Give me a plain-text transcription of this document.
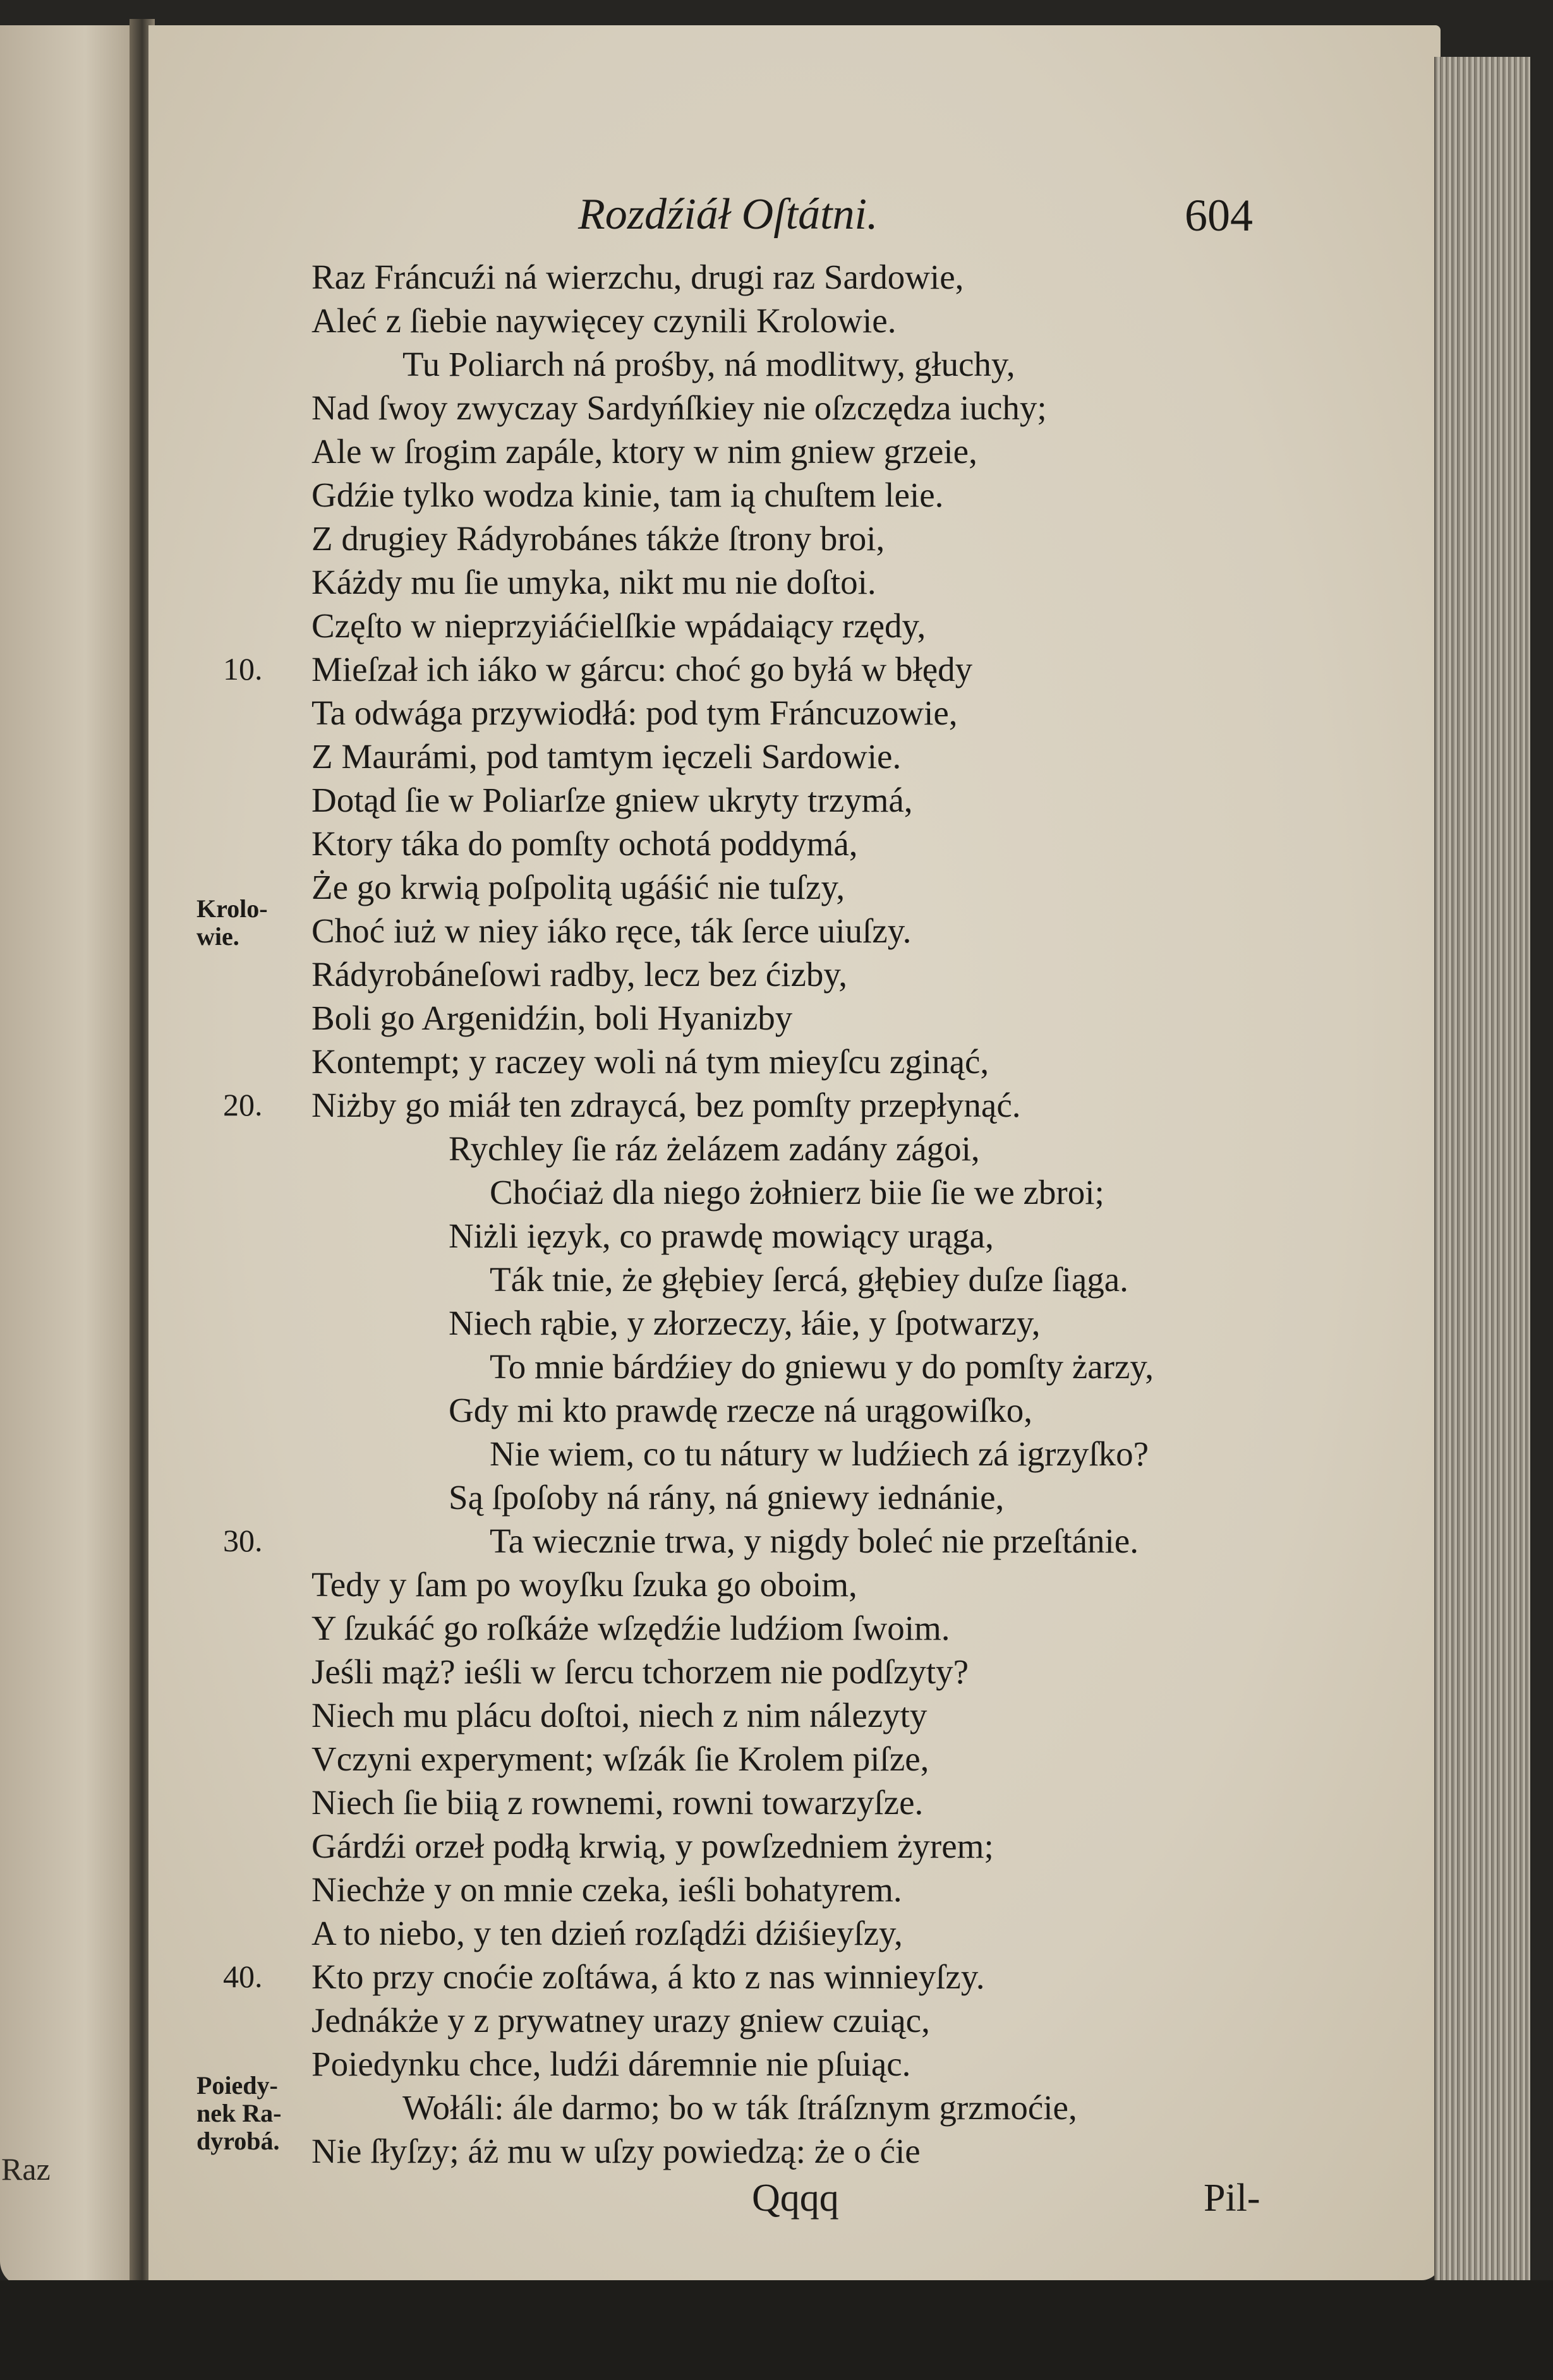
Raz
Rozdźiáł Oſtátni.	604
Raz Fráncuźi ná wierzchu, drugi raz Sardowie,
Aleć z ſiebie naywięcey czynili Krolowie.
Tu Poliarch ná prośby, ná modlitwy, głuchy,
Nad ſwoy zwyczay Sardyńſkiey nie oſzczędza iuchy;
Ale w ſrogim zapále, ktory w nim gniew grzeie,
Gdźie tylko wodza kinie, tam ią chuſtem leie.
Z drugiey Rádyrobánes tákże ſtrony broi,
Káżdy mu ſie umyka, nikt mu nie doſtoi.
Częſto w nieprzyiáćielſkie wpádaiący rzędy,
10. Mieſzał ich iáko w gárcu: choć go byłá w błędy
Ta odwága przywiodłá: pod tym Fráncuzowie,
Z Maurámi, pod tamtym ięczeli Sardowie.
Dotąd ſie w Poliarſze gniew ukryty trzymá,
Ktory táka do pomſty ochotá poddymá,
Że go krwią poſpolitą ugáśić nie tuſzy,
Krolo-
wie.	Choć iuż w niey iáko ręce, ták ſerce uiuſzy.
Rádyrobáneſowi radby, lecz bez ćizby,
Boli go Argenidźin, boli Hyanizby
Kontempt; y raczey woli ná tym mieyſcu zginąć,
20. Niżby go miáł ten zdraycá, bez pomſty przepłynąć.
Rychley ſie ráz żelázem zadány zágoi,
Choćiaż dla niego żołnierz biie ſie we zbroi;
Niżli ięzyk, co prawdę mowiący urąga,
Ták tnie, że głębiey ſercá, głębiey duſze ſiąga.
Niech rąbie, y złorzeczy, łáie, y ſpotwarzy,
To mnie bárdźiey do gniewu y do pomſty żarzy,
Gdy mi kto prawdę rzecze ná urągowiſko,
Nie wiem, co tu nátury w ludźiech zá igrzyſko?
Są ſpoſoby ná rány, ná gniewy iednánie,
30.	Ta wiecznie trwa, y nigdy boleć nie przeſtánie.
Tedy y ſam po woyſku ſzuka go oboim,
Y ſzukáć go roſkáże wſzędźie ludźiom ſwoim.
Jeśli mąż? ieśli w ſercu tchorzem nie podſzyty?
Niech mu plácu doſtoi, niech z nim nálezyty
Vczyni experyment; wſzák ſie Krolem piſze,
Niech ſie biią z rownemi, rowni towarzyſze.
Gárdźi orzeł podłą krwią, y powſzedniem żyrem;
Niechże y on mnie czeka, ieśli bohatyrem.
A to niebo, y ten dzień rozſądźi dźiśieyſzy,
40. Kto przy cnoćie zoſtáwa, á kto z nas winnieyſzy.
Jednákże y z prywatney urazy gniew czuiąc,
Poiedynku chce, ludźi dáremnie nie pſuiąc.
Poiedy-
nek Ra-
dyrobá.
Wołáli: ále darmo; bo w ták ſtráſznym grzmoćie,
Nie ſłyſzy; áż mu w uſzy powiedzą: że o ćie
Qqqq	Pil-
